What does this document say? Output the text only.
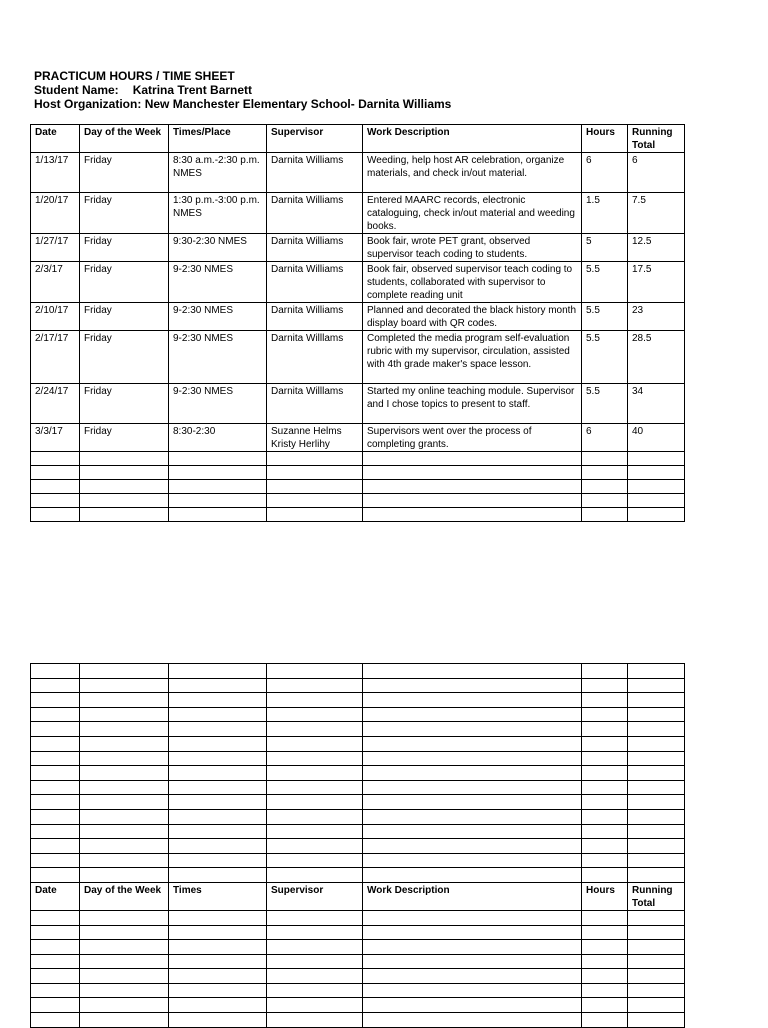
PRACTICUM HOURS / TIME SHEET
Student Name: Katrina Trent Barnett
Host Organization: New Manchester Elementary School- Darnita Williams
Date	Day of the Week	Times/Place	Supervisor	Work Description	Hours	Running Total
1/13/17	Friday	8:30 a.m.-2:30 p.m. NMES	Darnita Williams	Weeding, help host AR celebration, organize materials, and check in/out material.	6	6
1/20/17	Friday	1:30 p.m.-3:00 p.m. NMES	Darnita Williams	Entered MAARC records, electronic cataloguing, check in/out material and weeding books.	1.5	7.5
1/27/17	Friday	9:30-2:30 NMES	Darnita Williams	Book fair, wrote PET grant, observed supervisor teach coding to students.	5	12.5
2/3/17	Friday	9-2:30 NMES	Darnita Williams	Book fair, observed supervisor teach coding to students, collaborated with supervisor to complete reading unit	5.5	17.5
2/10/17	Friday	9-2:30 NMES	Darnita Williams	Planned and decorated the black history month display board with QR codes.	5.5	23
2/17/17	Friday	9-2:30 NMES	Darnita Willlams	Completed the media program self-evaluation rubric with my supervisor, circulation, assisted with 4th grade maker's space lesson.	5.5	28.5
2/24/17	Friday	9-2:30 NMES	Darnita Willlams	Started my online teaching module. Supervisor and I chose topics to present to staff.	5.5	34
3/3/17	Friday	8:30-2:30	Suzanne Helms Kristy Herlihy	Supervisors went over the process of completing grants.	6	40

Date	Day of the Week	Times	Supervisor	Work Description	Hours	Running Total
